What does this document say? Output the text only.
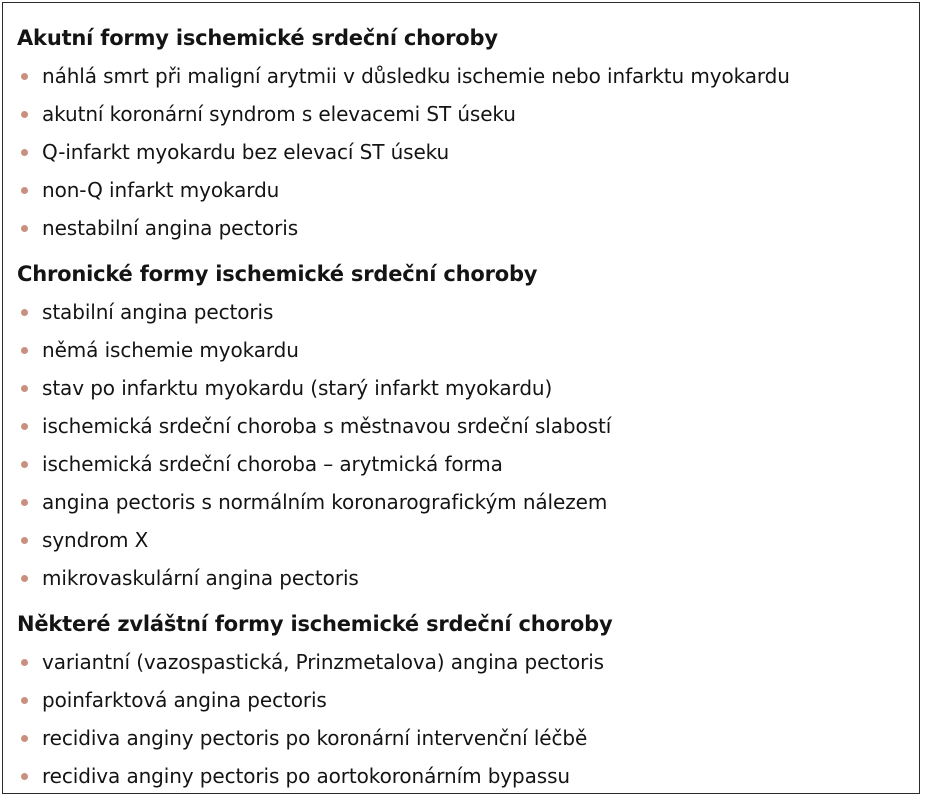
Akutní formy ischemické srdeční choroby
náhlá smrt při maligní arytmii v důsledku ischemie nebo infarktu myokardu
akutní koronární syndrom s elevacemi ST úseku
Q-infarkt myokardu bez elevací ST úseku
non-Q infarkt myokardu
nestabilní angina pectoris
Chronické formy ischemické srdeční choroby
stabilní angina pectoris
němá ischemie myokardu
stav po infarktu myokardu (starý infarkt myokardu)
ischemická srdeční choroba s městnavou srdeční slabostí
ischemická srdeční choroba – arytmická forma
angina pectoris s normálním koronarografickým nálezem
syndrom X
mikrovaskulární angina pectoris
Některé zvláštní formy ischemické srdeční choroby
variantní (vazospastická, Prinzmetalova) angina pectoris
poinfarktová angina pectoris
recidiva anginy pectoris po koronární intervenční léčbě
recidiva anginy pectoris po aortokoronárním bypassu
